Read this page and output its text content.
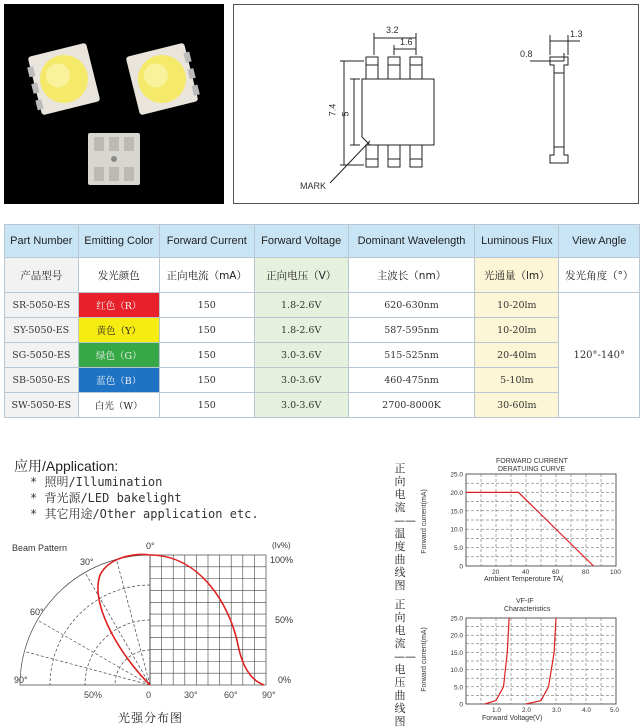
3.2
1.6
7.4 5
MARK
1.3
0.8
Part Number	Emitting Color	Forward Current	Forward Voltage	Dominant Wavelength	Luminous Flux	View Angle
产品型号	发光颜色	正向电流（mA）	正向电压（V）	主波长（nm）	光通量（lm）	发光角度（°）
SR-5050-ES	红色（R）	150	1.8-2.6V	620-630nm	10-20lm	120°-140°
SY-5050-ES	黄色（Y）	150	1.8-2.6V	587-595nm	10-20lm	
SG-5050-ES	绿色（G）	150	3.0-3.6V	515-525nm	20-40lm	
SB-5050-ES	蓝色（B）	150	3.0-3.6V	460-475nm	5-10lm	
SW-5050-ES	白光（W）	150	3.0-3.6V	2700-8000K	30-60lm	
应用/Application:
* 照明/Illumination
* 背光源/LED bakelight
* 其它用途/Other application etc.
Beam Pattern	0°	(Iv%)
100%
50%
0%
30°
60°
90°
50%	0	30°	60°	90°
光强分布图
正向电流——温度曲线图
FORWARD CURRENT
DERATUING CURVE
Forward current(mA)
Ambient Temperoture TA(
25.0
20.0
15.0
10.0
5.0
0
20	40	60	80	100
正向电流——电压曲线图
VF-IF
Characteristics
Forward current(mA)
Forward Voltage(V)
25.0
20.0
15.0
10.0
5.0
0
1.0	2.0	3.0	4.0	5.0
